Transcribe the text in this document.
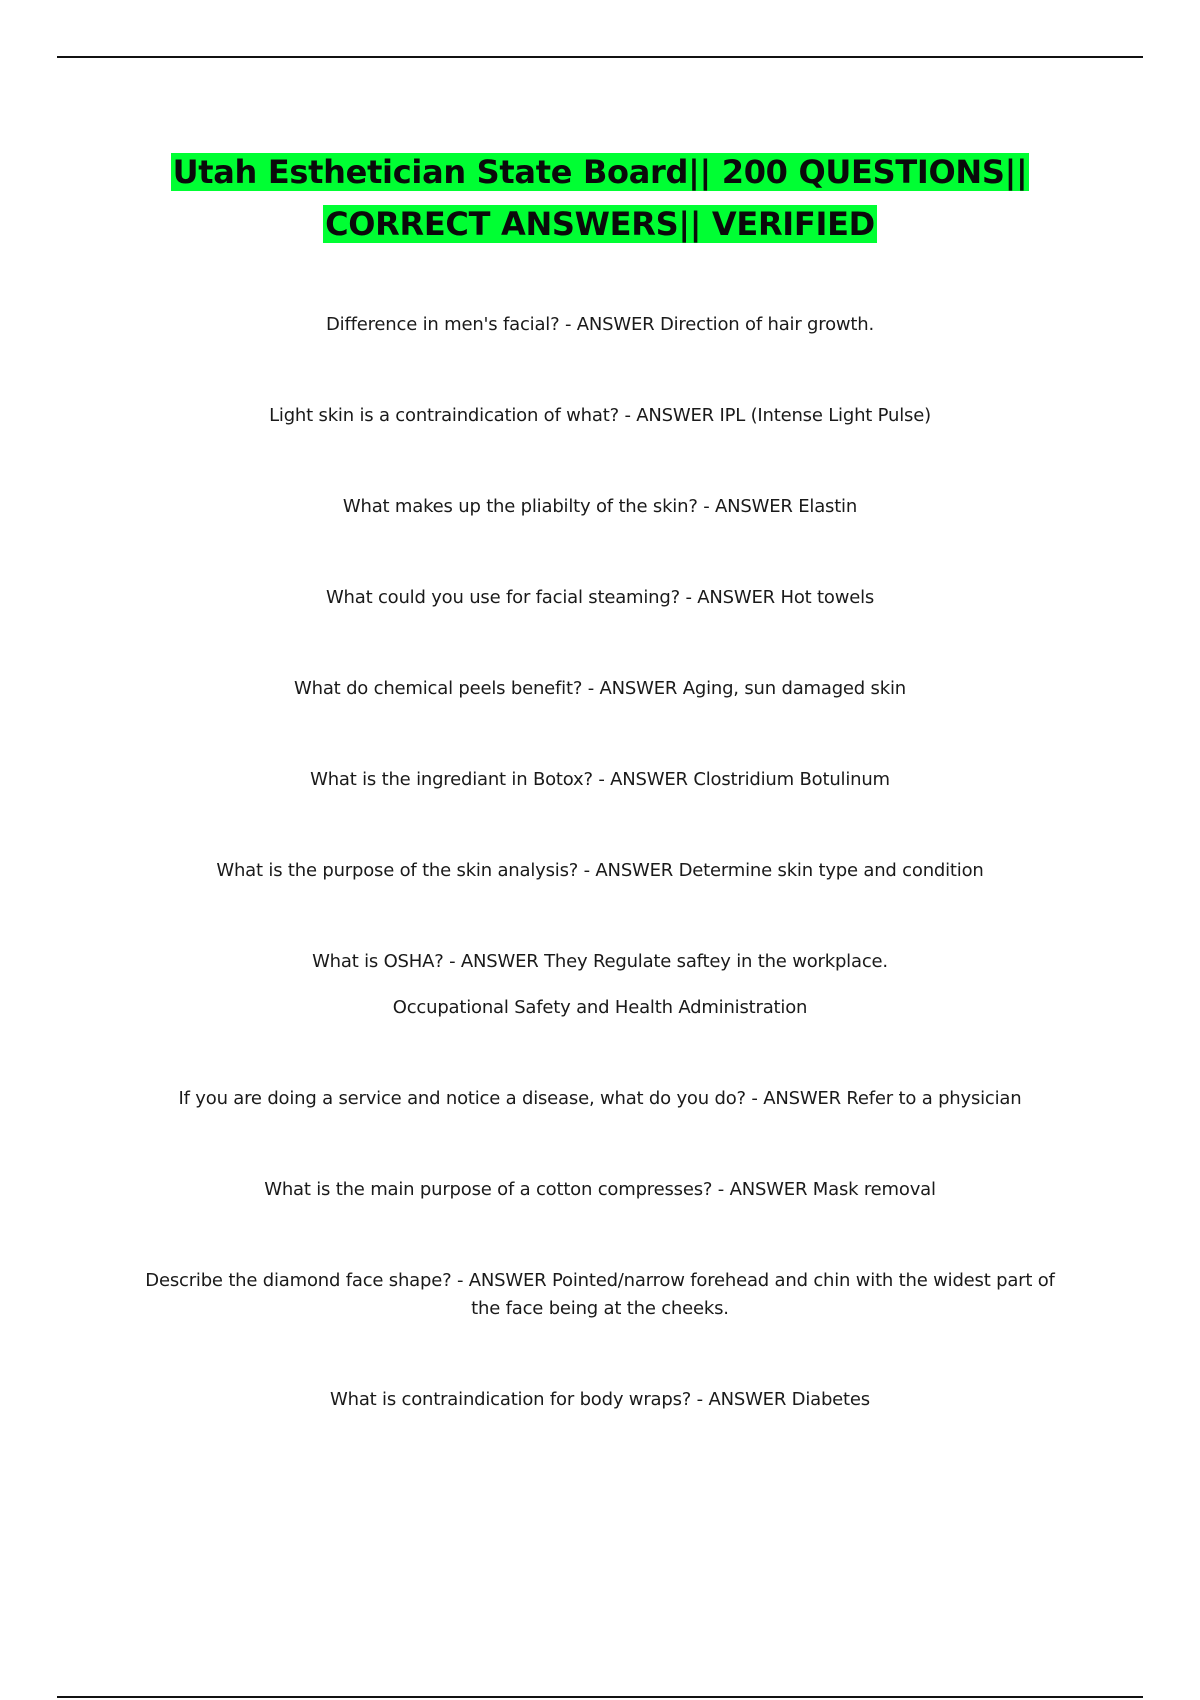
Utah Esthetician State Board|| 200 QUESTIONS||
CORRECT ANSWERS|| VERIFIED

Difference in men's facial? - ANSWER Direction of hair growth.

Light skin is a contraindication of what? - ANSWER IPL (Intense Light Pulse)

What makes up the pliabilty of the skin? - ANSWER Elastin

What could you use for facial steaming? - ANSWER Hot towels

What do chemical peels benefit? - ANSWER Aging, sun damaged skin

What is the ingrediant in Botox? - ANSWER Clostridium Botulinum

What is the purpose of the skin analysis? - ANSWER Determine skin type and condition

What is OSHA? - ANSWER They Regulate saftey in the workplace.

Occupational Safety and Health Administration

If you are doing a service and notice a disease, what do you do? - ANSWER Refer to a physician

What is the main purpose of a cotton compresses? - ANSWER Mask removal

Describe the diamond face shape? - ANSWER Pointed/narrow forehead and chin with the widest part of the face being at the cheeks.

What is contraindication for body wraps? - ANSWER Diabetes
